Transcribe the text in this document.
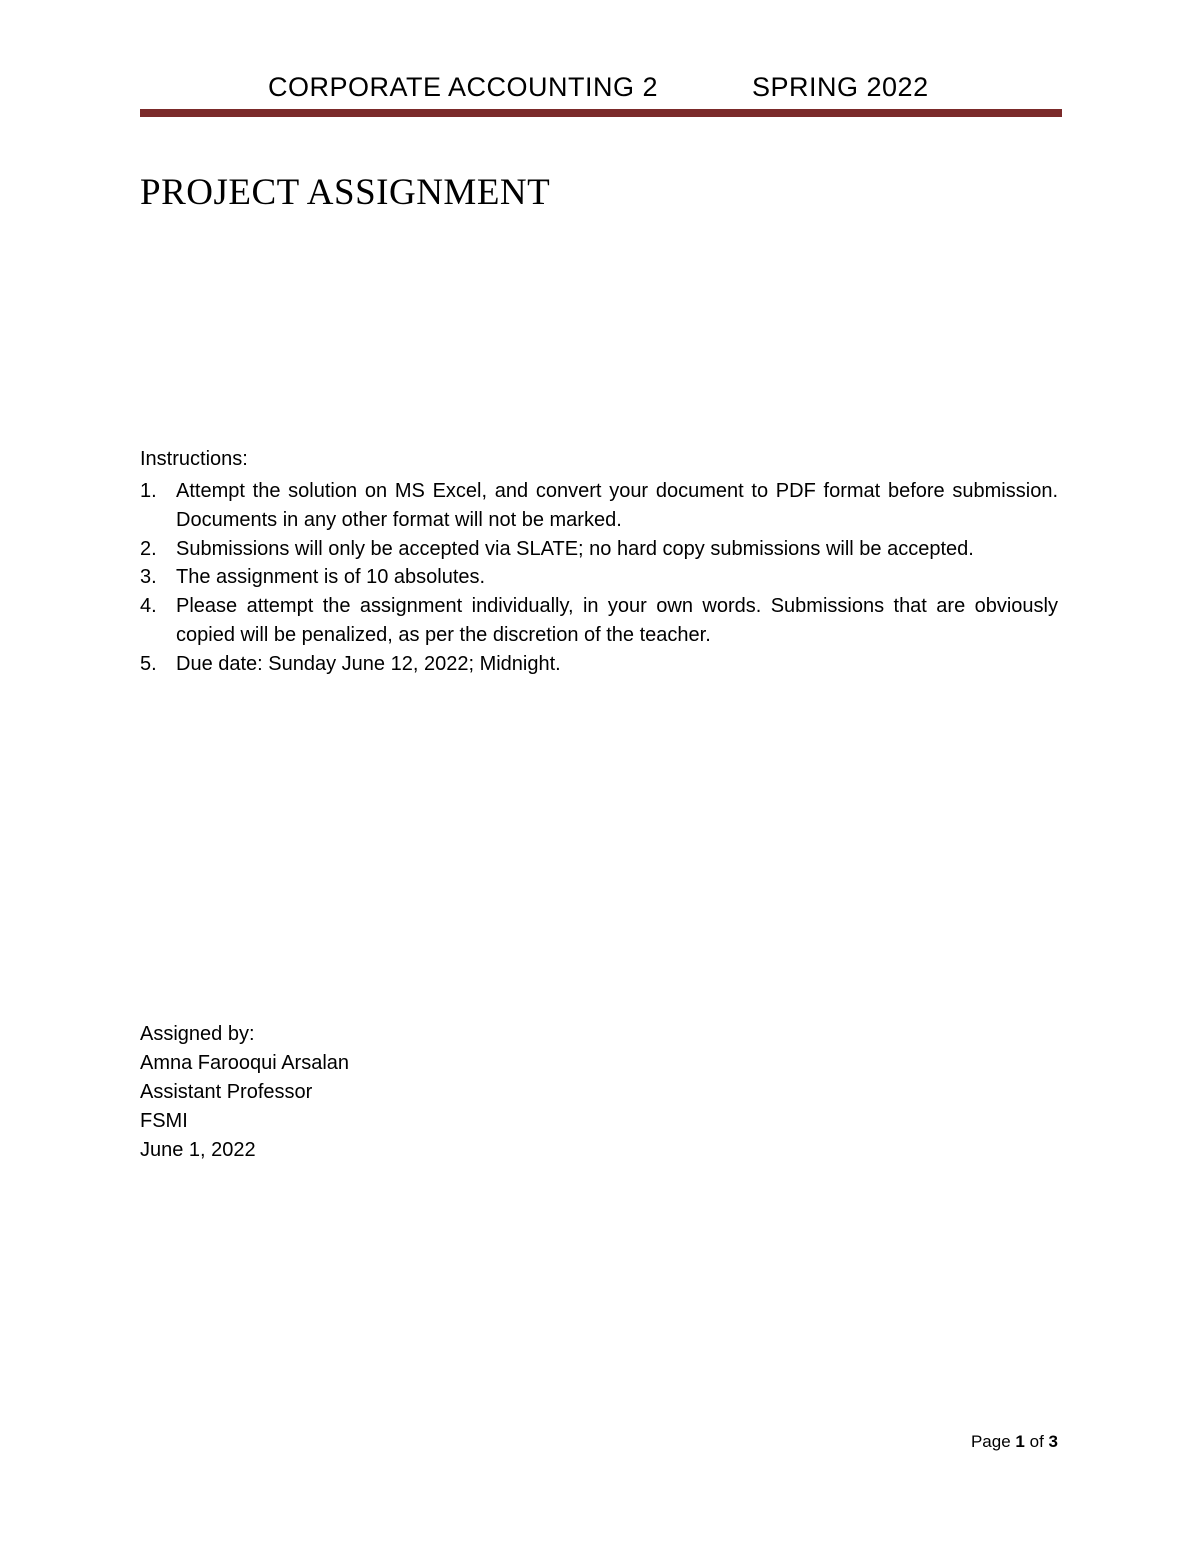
CORPORATE ACCOUNTING 2	SPRING 2022
PROJECT ASSIGNMENT
Instructions:
1. Attempt the solution on MS Excel, and convert your document to PDF format before submission. Documents in any other format will not be marked.
2. Submissions will only be accepted via SLATE; no hard copy submissions will be accepted.
3. The assignment is of 10 absolutes.
4. Please attempt the assignment individually, in your own words. Submissions that are obviously copied will be penalized, as per the discretion of the teacher.
5. Due date: Sunday June 12, 2022; Midnight.
Assigned by:
Amna Farooqui Arsalan
Assistant Professor
FSMI
June 1, 2022
Page 1 of 3
